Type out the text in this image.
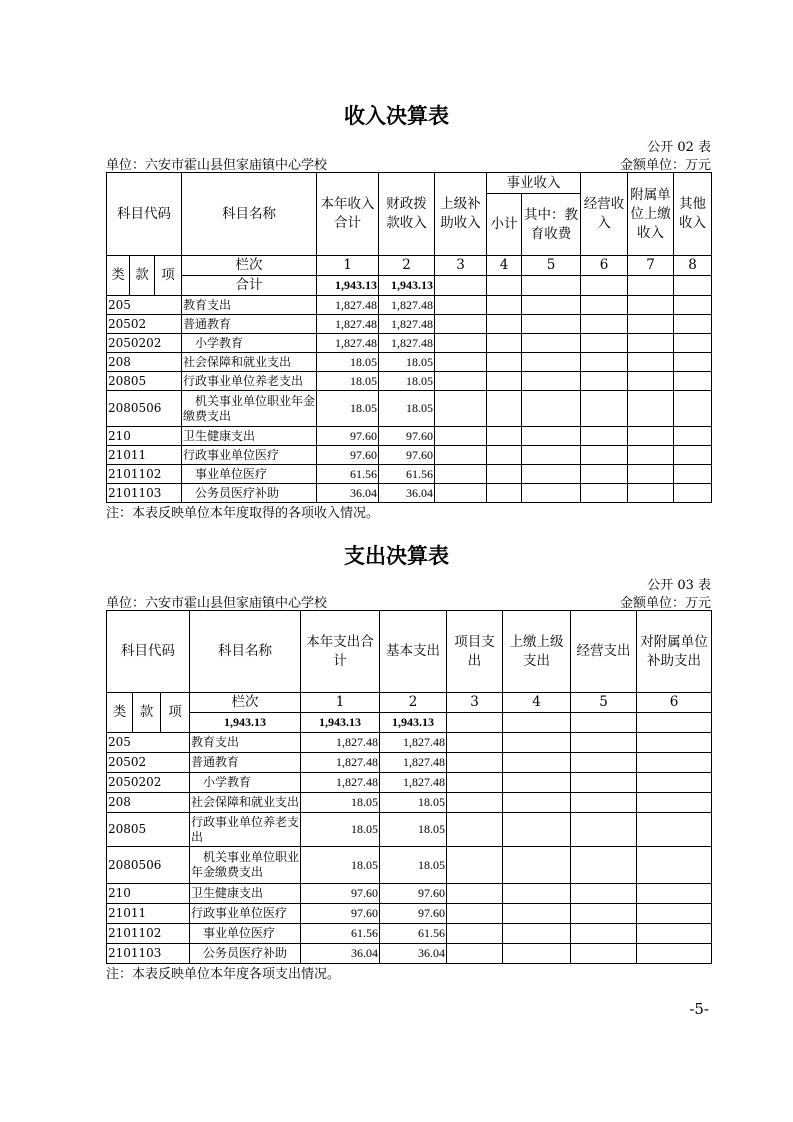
收入决算表
公开 02 表
单位：六安市霍山县但家庙镇中心学校	金额单位：万元
科目代码			科目名称	本年收入合计	财政拨款收入	上级补助收入	事业收入		经营收入	附属单位上缴收入	其他收入
							小计	其中：教育收费			
类	款	项	栏次	1	2	3	4	5	6	7	8
			合计	1,943.13	1,943.13						
205			教育支出	1,827.48	1,827.48						
20502			普通教育	1,827.48	1,827.48						
2050202			　小学教育	1,827.48	1,827.48						
208			社会保障和就业支出	18.05	18.05						
20805			行政事业单位养老支出	18.05	18.05						
2080506			　机关事业单位职业年金缴费支出	18.05	18.05						
210			卫生健康支出	97.60	97.60						
21011			行政事业单位医疗	97.60	97.60						
2101102			　事业单位医疗	61.56	61.56						
2101103			　公务员医疗补助	36.04	36.04						
注：本表反映单位本年度取得的各项收入情况。
支出决算表
公开 03 表
单位：六安市霍山县但家庙镇中心学校	金额单位：万元
科目代码			科目名称	本年支出合计	基本支出	项目支出	上缴上级支出	经营支出	对附属单位补助支出
类	款	项	栏次	1	2	3	4	5	6
			1,943.13	1,943.13	1,943.13				
205			教育支出	1,827.48	1,827.48				
20502			普通教育	1,827.48	1,827.48				
2050202			　小学教育	1,827.48	1,827.48				
208			社会保障和就业支出	18.05	18.05				
20805			行政事业单位养老支出	18.05	18.05				
2080506			　机关事业单位职业年金缴费支出	18.05	18.05				
210			卫生健康支出	97.60	97.60				
21011			行政事业单位医疗	97.60	97.60				
2101102			　事业单位医疗	61.56	61.56				
2101103			　公务员医疗补助	36.04	36.04				
注：本表反映单位本年度各项支出情况。
-5-
